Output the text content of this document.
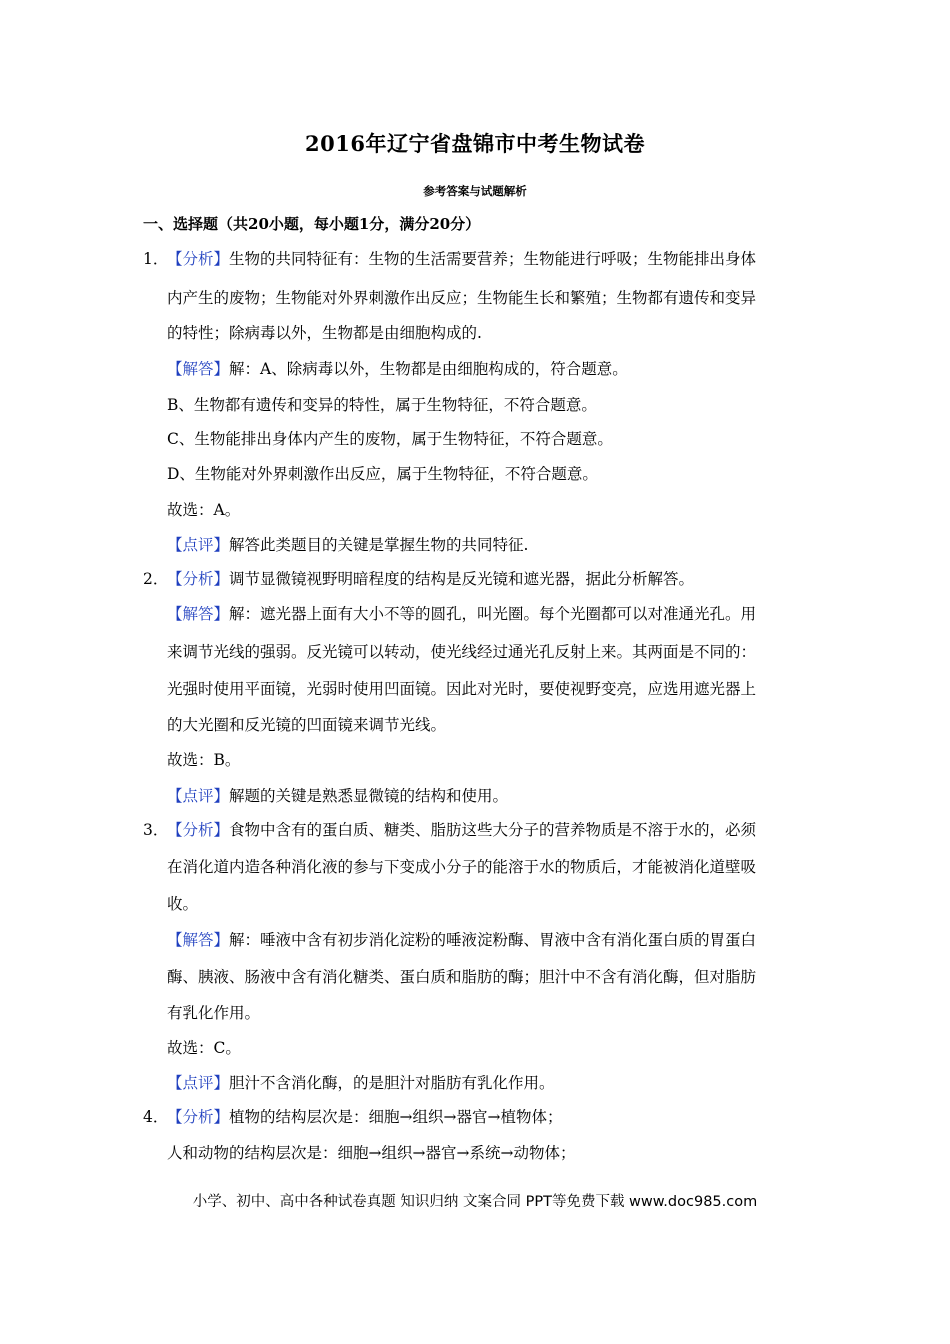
2016年辽宁省盘锦市中考生物试卷
参考答案与试题解析
一、选择题（共20小题，每小题1分，满分20分）
1．
【分析】生物的共同特征有：生物的生活需要营养；生物能进行呼吸；生物能排出身体
内产生的废物；生物能对外界刺激作出反应；生物能生长和繁殖；生物都有遗传和变异
的特性；除病毒以外，生物都是由细胞构成的.
【解答】解：A、除病毒以外，生物都是由细胞构成的，符合题意。
B、生物都有遗传和变异的特性，属于生物特征，不符合题意。
C、生物能排出身体内产生的废物，属于生物特征，不符合题意。
D、生物能对外界刺激作出反应，属于生物特征，不符合题意。
故选：A。
【点评】解答此类题目的关键是掌握生物的共同特征.
2．
【分析】调节显微镜视野明暗程度的结构是反光镜和遮光器，据此分析解答。
【解答】解：遮光器上面有大小不等的圆孔，叫光圈。每个光圈都可以对准通光孔。用
来调节光线的强弱。反光镜可以转动，使光线经过通光孔反射上来。其两面是不同的：
光强时使用平面镜，光弱时使用凹面镜。因此对光时，要使视野变亮，应选用遮光器上
的大光圈和反光镜的凹面镜来调节光线。
故选：B。
【点评】解题的关键是熟悉显微镜的结构和使用。
3．
【分析】食物中含有的蛋白质、糖类、脂肪这些大分子的营养物质是不溶于水的，必须
在消化道内造各种消化液的参与下变成小分子的能溶于水的物质后，才能被消化道壁吸
收。
【解答】解：唾液中含有初步消化淀粉的唾液淀粉酶、胃液中含有消化蛋白质的胃蛋白
酶、胰液、肠液中含有消化糖类、蛋白质和脂肪的酶；胆汁中不含有消化酶，但对脂肪
有乳化作用。
故选：C。
【点评】胆汁不含消化酶，的是胆汁对脂肪有乳化作用。
4．
【分析】植物的结构层次是：细胞→组织→器官→植物体；
人和动物的结构层次是：细胞→组织→器官→系统→动物体；
小学、初中、高中各种试卷真题 知识归纳 文案合同 PPT等免费下载 www.doc985.com
